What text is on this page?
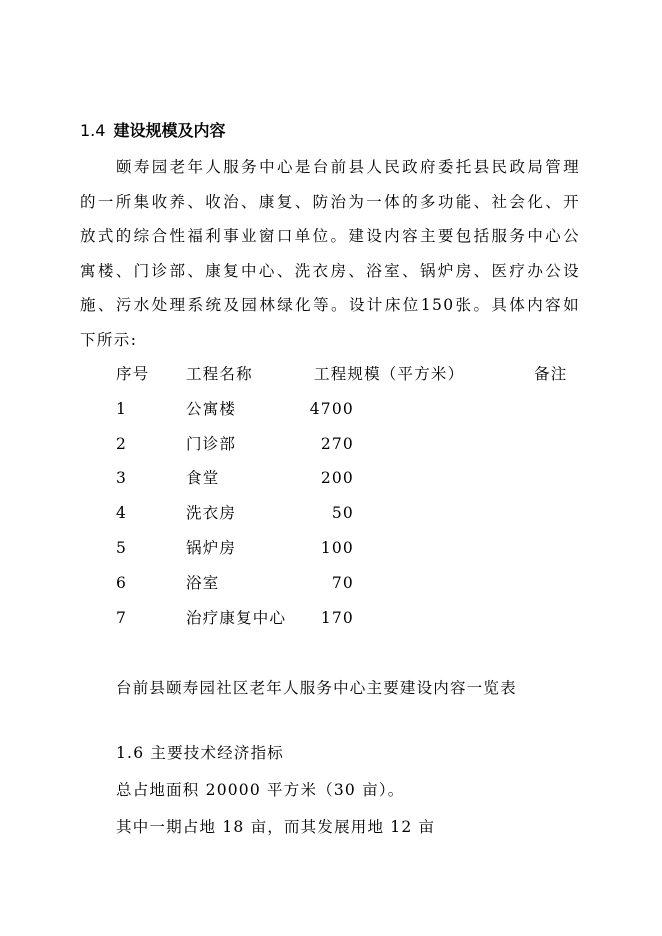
1.4 建设规模及内容
颐寿园老年人服务中心是台前县人民政府委托县民政局管理
的一所集收养、收治、康复、防治为一体的多功能、社会化、开
放式的综合性福利事业窗口单位。建设内容主要包括服务中心公
寓楼、门诊部、康复中心、洗衣房、浴室、锅炉房、医疗办公设
施、污水处理系统及园林绿化等。设计床位150张。具体内容如
下所示:
序号 工程名称	工程规模（平方米）	备注
1	公寓楼	4700
2	门诊部	270
3	食堂	200
4	洗衣房	50
5	锅炉房	100
6	浴室	70
7	治疗康复中心	170
台前县颐寿园社区老年人服务中心主要建设内容一览表
1.6 主要技术经济指标
总占地面积 20000 平方米（30 亩）。
其中一期占地 18 亩，而其发展用地 12 亩
